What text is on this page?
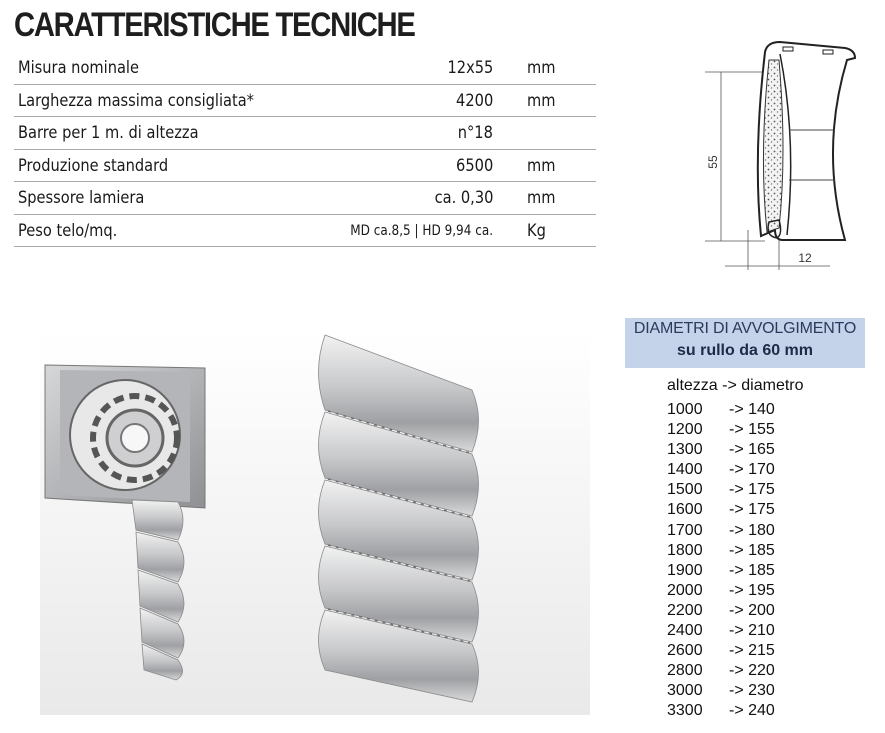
CARATTERISTICHE TECNICHE
Misura nominale	12x55 mm
Larghezza massima consigliata*	4200 mm
Barre per 1 m. di altezza	n°18
Produzione standard	6500 mm
Spessore lamiera	ca. 0,30 mm
Peso telo/mq.	MD ca.8,5 | HD 9,94 ca. Kg
55
12
DIAMETRI DI AVVOLGIMENTO
su rullo da 60 mm
altezza -> diametro
1000 -> 140
1200 -> 155
1300 -> 165
1400 -> 170
1500 -> 175
1600 -> 175
1700 -> 180
1800 -> 185
1900 -> 185
2000 -> 195
2200 -> 200
2400 -> 210
2600 -> 215
2800 -> 220
3000 -> 230
3300 -> 240
